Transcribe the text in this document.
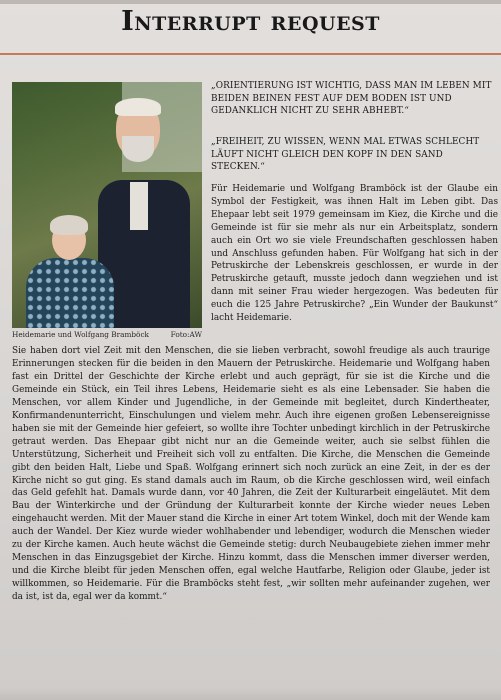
Interrupt request
Heidemarie und Wolfgang Bramböck	Foto:AW
„ORIENTIERUNG IST WICHTIG, DASS MAN IM LEBEN MIT BEIDEN BEINEN FEST AUF DEM BODEN IST UND GEDANKLICH NICHT ZU SEHR ABHEBT.“
„FREIHEIT, ZU WISSEN, WENN MAL ETWAS SCHLECHT LÄUFT NICHT GLEICH DEN KOPF IN DEN SAND STECKEN.“
Für Heidemarie und Wolfgang Bramböck ist der Glaube ein Symbol der Festigkeit, was ihnen Halt im Leben gibt. Das Ehepaar lebt seit 1979 gemeinsam im Kiez, die Kirche und die Gemeinde ist für sie mehr als nur ein Arbeitsplatz, sondern auch ein Ort wo sie viele Freundschaften geschlossen haben und Anschluss gefunden haben. Für Wolfgang hat sich in der Petruskirche der Lebenskreis geschlossen, er wurde in der Petruskirche getauft, musste jedoch dann wegziehen und ist dann mit seiner Frau wieder hergezogen. Was bedeuten für euch die 125 Jahre Petruskirche? „Ein Wunder der Baukunst“ lacht Heidemarie.
Sie haben dort viel Zeit mit den Menschen, die sie lieben verbracht, sowohl freudige als auch traurige Erinnerungen stecken für die beiden in den Mauern der Petruskirche. Heidemarie und Wolfgang haben fast ein Drittel der Geschichte der Kirche erlebt und auch geprägt, für sie ist die Kirche und die Gemeinde ein Stück, ein Teil ihres Lebens, Heidemarie sieht es als eine Lebensader. Sie haben die Menschen, vor allem Kinder und Jugendliche, in der Gemeinde mit begleitet, durch Kindertheater, Konfirmandenunterricht, Einschulungen und vielem mehr. Auch ihre eigenen großen Lebensereignisse haben sie mit der Gemeinde hier gefeiert, so wollte ihre Tochter unbedingt kirchlich in der Petruskirche getraut werden. Das Ehepaar gibt nicht nur an die Gemeinde weiter, auch sie selbst fühlen die Unterstützung, Sicherheit und Freiheit sich voll zu entfalten. Die Kirche, die Menschen die Gemeinde gibt den beiden Halt, Liebe und Spaß. Wolfgang erinnert sich noch zurück an eine Zeit, in der es der Kirche nicht so gut ging. Es stand damals auch im Raum, ob die Kirche geschlossen wird, weil einfach das Geld gefehlt hat. Damals wurde dann, vor 40 Jahren, die Zeit der Kulturarbeit eingeläutet. Mit dem Bau der Winterkirche und der Gründung der Kulturarbeit konnte der Kirche wieder neues Leben eingehaucht werden. Mit der Mauer stand die Kirche in einer Art totem Winkel, doch mit der Wende kam auch der Wandel. Der Kiez wurde wieder wohlhabender und lebendiger, wodurch die Menschen wieder zu der Kirche kamen. Auch heute wächst die Gemeinde stetig: durch Neubaugebiete ziehen immer mehr Menschen in das Einzugsgebiet der Kirche. Hinzu kommt, dass die Menschen immer diverser werden, und die Kirche bleibt für jeden Menschen offen, egal welche Hautfarbe, Religion oder Glaube, jeder ist willkommen, so Heidemarie. Für die Bramböcks steht fest, „wir sollten mehr aufeinander zugehen, wer da ist, ist da, egal wer da kommt.“
